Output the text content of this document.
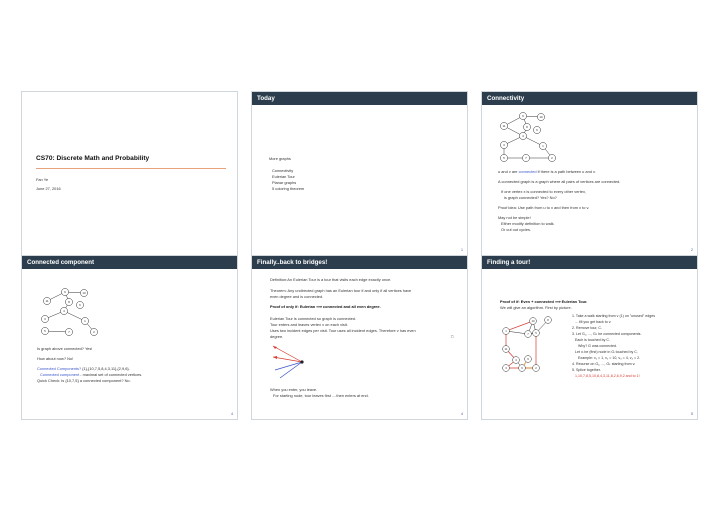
CS70: Discrete Math and Probability
Fan Ye
June 27, 2016
Today
More graphs
Connectivity
Eulerian Tour
Planar graphs
5 coloring theorem
1
Connectivity
9	10
11	8
4
3	1
5	7	2
6
u and v are connected if there is a path between u and v.
A connected graph is a graph where all pairs of vertices are connected.
If one vertex x is connected to every other vertex,
is graph connected? Yes? No?
Proof idea: Use path from u to x and then from x to v.
May not be simple!
Either modify definition to walk.
Or cut out cycles.
2
Connected component
9	10
11	8
4
3	1
5	7	2
6
Is graph above connected? Yes!
How about now? No!
Connected Components? {1},{10,7,5,8,4,3,11},{2,9,6}.
Connected component - maximal set of connected vertices.
Quick Check: Is {10,7,5} a connected component? No.
4
Finally..back to bridges!
Definition:An Eulerian Tour is a tour that visits each edge exactly once.
Theorem: Any undirected graph has an Eulerian tour if and only if all vertices have
even degree and is connected.
Proof of only if: Eulerian ⟹ connected and all even degree.
Eulerian Tour is connected so graph is connected.
Tour enters and leaves vertex v on each visit.
Uses two incident edges per visit. Tour uses all incident edges. Therefore v has even
degree.	□
When you enter, you leave.
For starting node, tour leaves first ....then enters at end.
4
Finding a tour!
Proof of if: Even + connected ⟹ Eulerian Tour.
We will give an algorithm. First by picture.
1
10
7 5
8
11
4
3	2
6
9
1. Take a walk starting from v (1) on "unused" edges
... till you get back to v.
2. Remove tour, C.
3. Let G₁, ..., Gₖ be connected components.
Each is touched by C.
Why? G was connected.
Let vᵢ be (first) node in Gᵢ touched by C.
Example: v₁ = 1, v₂ = 10, v₃ = 4, v₄ = 2.
4. Recurse on G₁, ..., Gₖ starting from vᵢ
5. Splice together.
1,10,7,8,5,10,8,4,3,11,8,2,6,9,2 and to 1!
5
